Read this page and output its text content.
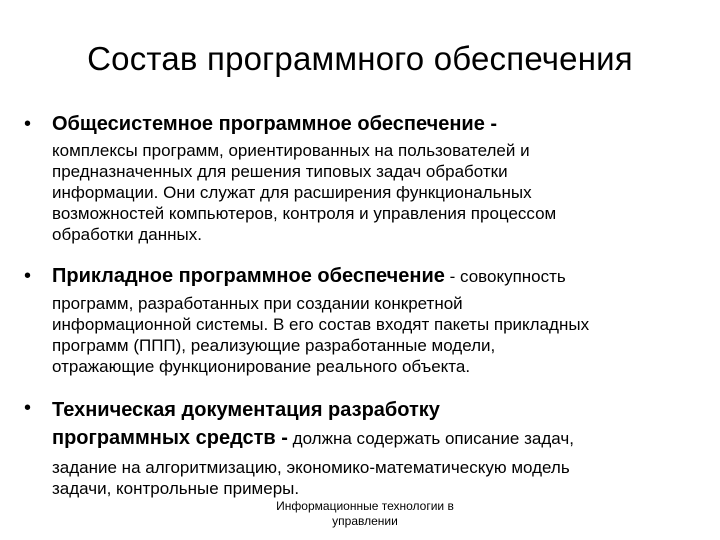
Состав программного обеспечения
• Общесистемное программное обеспечение -
комплексы программ, ориентированных на пользователей и
предназначенных для решения типовых задач обработки
информации. Они служат для расширения функциональных
возможностей компьютеров, контроля и управления процессом
обработки данных.
• Прикладное программное обеспечение - совокупность
программ, разработанных при создании конкретной
информационной системы. В его состав входят пакеты прикладных
программ (ППП), реализующие разработанные модели,
отражающие функционирование реального объекта.
• Техническая документация разработку
программных средств - должна содержать описание задач,
задание на алгоритмизацию, экономико-математическую модель
задачи, контрольные примеры.
Информационные технологии в
управлении
